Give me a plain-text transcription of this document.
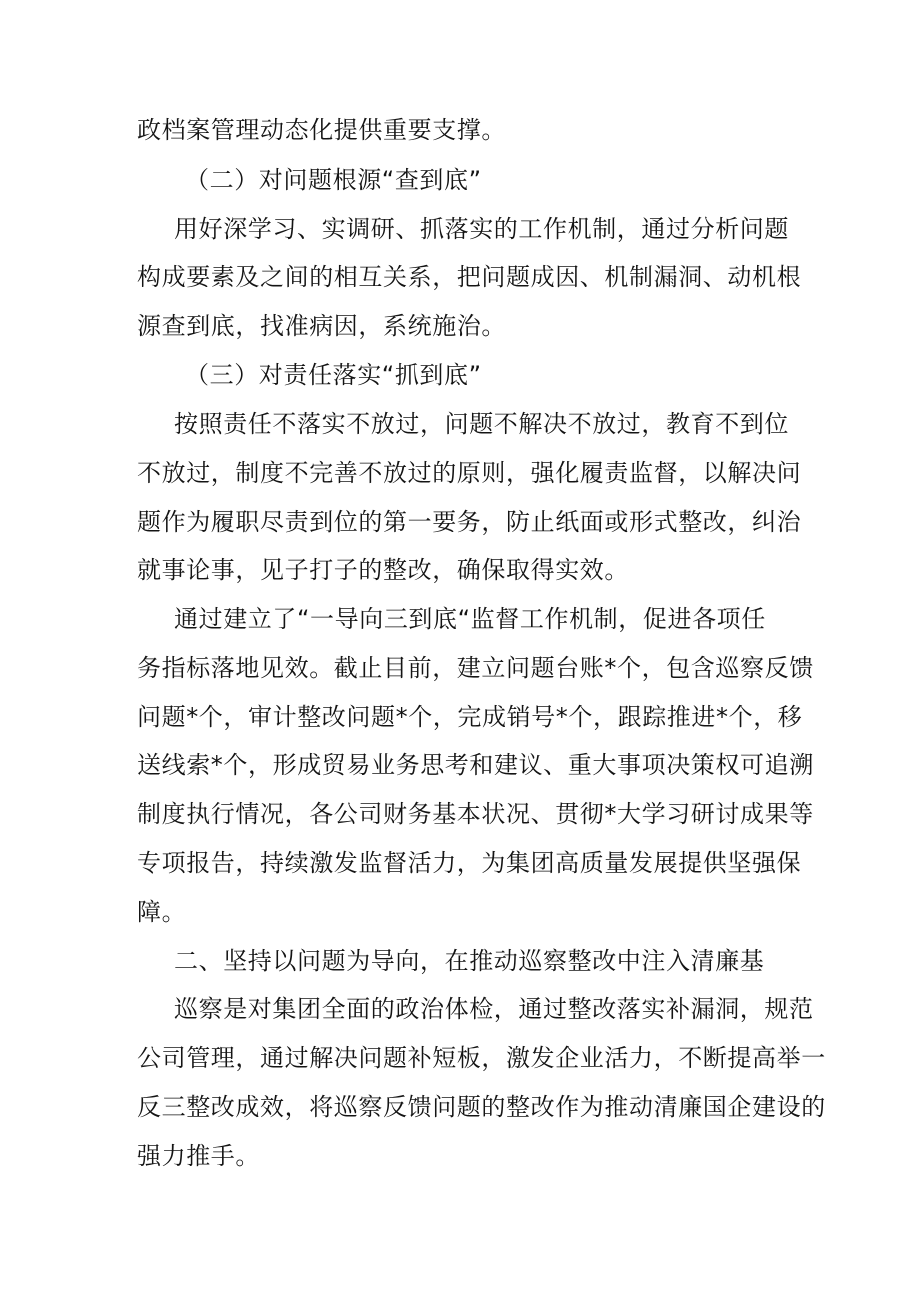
政档案管理动态化提供重要支撑。
（二）对问题根源“查到底”
用好深学习、实调研、抓落实的工作机制，通过分析问题
构成要素及之间的相互关系，把问题成因、机制漏洞、动机根
源查到底，找准病因，系统施治。
（三）对责任落实“抓到底”
按照责任不落实不放过，问题不解决不放过，教育不到位
不放过，制度不完善不放过的原则，强化履责监督，以解决问
题作为履职尽责到位的第一要务，防止纸面或形式整改，纠治
就事论事，见子打子的整改，确保取得实效。
通过建立了“一导向三到底“监督工作机制，促进各项任
务指标落地见效。截止目前，建立问题台账*个，包含巡察反馈
问题*个，审计整改问题*个，完成销号*个，跟踪推进*个，移
送线索*个，形成贸易业务思考和建议、重大事项决策权可追溯
制度执行情况，各公司财务基本状况、贯彻*大学习研讨成果等
专项报告，持续激发监督活力，为集团高质量发展提供坚强保
障。
二、坚持以问题为导向，在推动巡察整改中注入清廉基
巡察是对集团全面的政治体检，通过整改落实补漏洞，规范
公司管理，通过解决问题补短板，激发企业活力，不断提高举一
反三整改成效，将巡察反馈问题的整改作为推动清廉国企建设的
强力推手。
